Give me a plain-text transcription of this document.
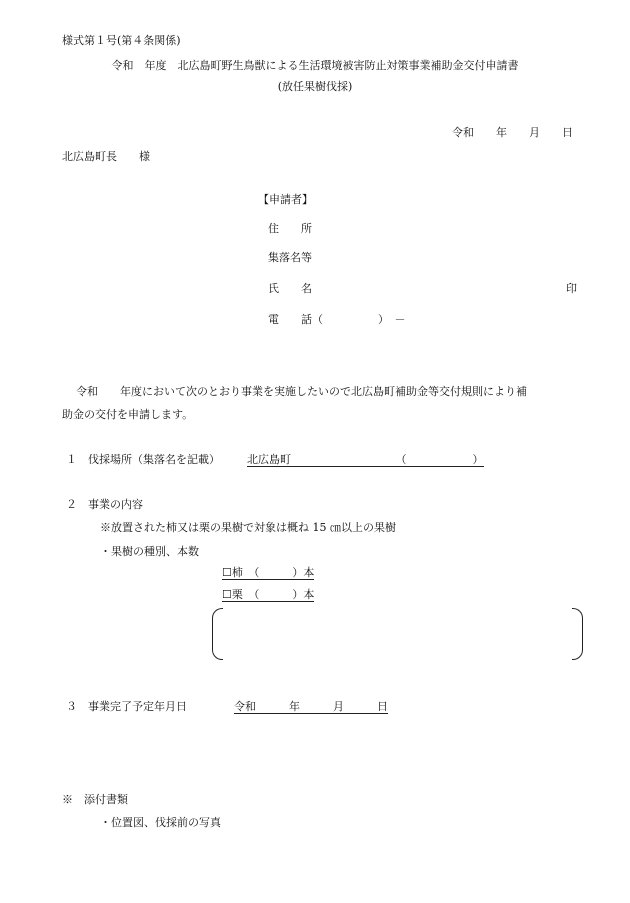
様式第１号(第４条関係)
令和　年度　北広島町野生鳥獣による生活環境被害防止対策事業補助金交付申請書
(放任果樹伐採)
令和　　年　　月　　日
北広島町長　　様
【申請者】
住　　所
集落名等
氏　　名	印
電　　話（　　　　　）　－
令和　　年度において次のとおり事業を実施したいので北広島町補助金等交付規則により補
助金の交付を申請します。
１　伐採場所（集落名を記載） 北広島町　　　　　　　　　　（　　　　　　）
２　事業の内容
※放置された柿又は栗の果樹で対象は概ね 15 ㎝以上の果樹
・果樹の種別、本数
☐柿　（　　　）本
☐栗　（　　　）本
３　事業完了予定年月日	令和　　　年　　　月　　　日
※　添付書類
・位置図、伐採前の写真
